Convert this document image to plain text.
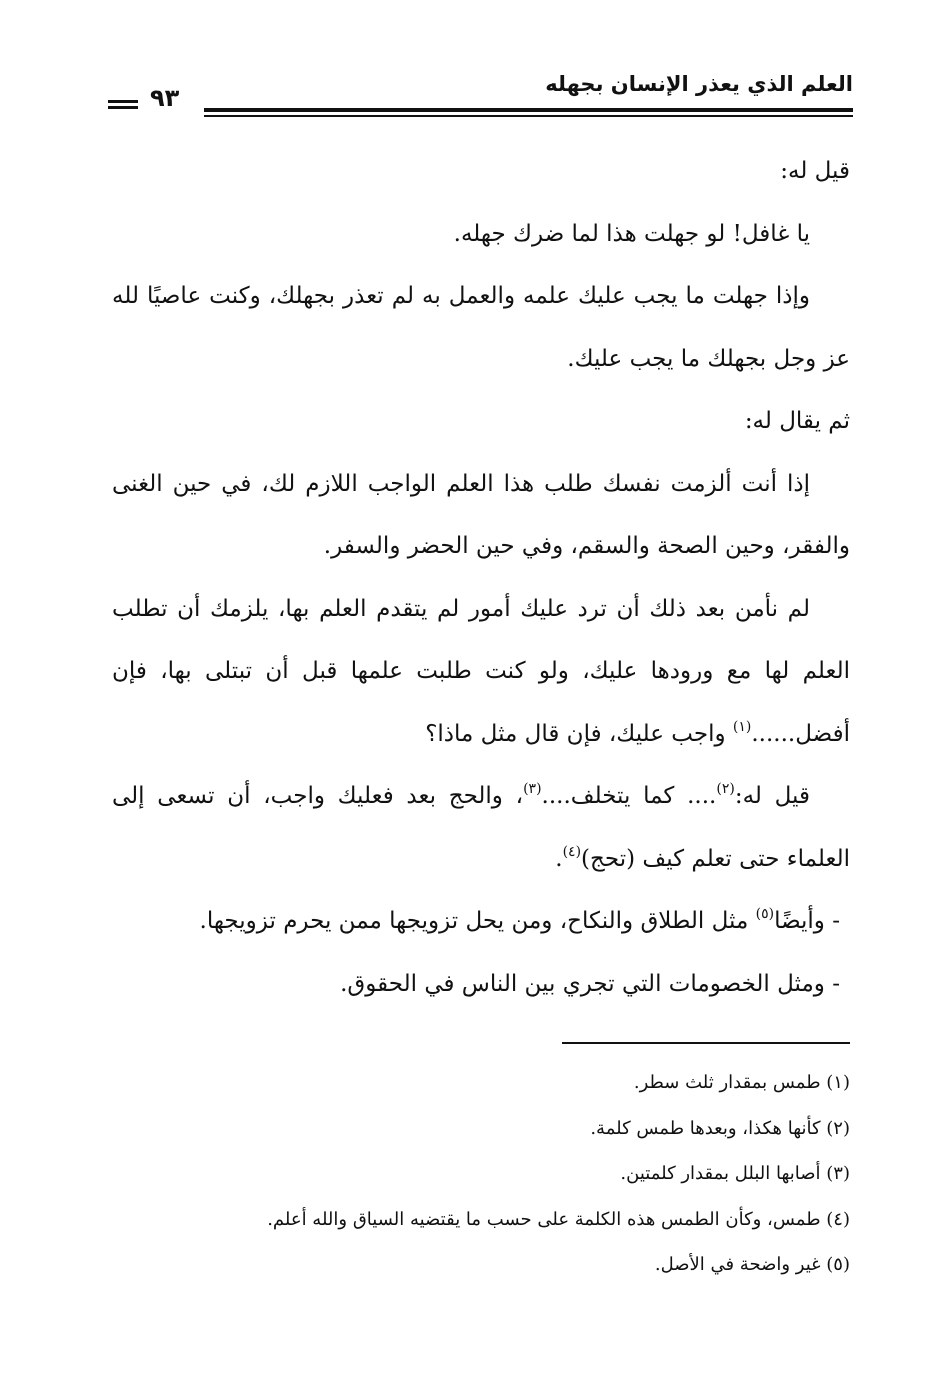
العلم الذي يعذر الإنسان بجهله
٩٣

قيل له:

يا غافل! لو جهلت هذا لما ضرك جهله.

وإذا جهلت ما يجب عليك علمه والعمل به لم تعذر بجهلك، وكنت عاصيًا لله عز وجل بجهلك ما يجب عليك.

ثم يقال له:

إذا أنت ألزمت نفسك طلب هذا العلم الواجب اللازم لك، في حين الغنى والفقر، وحين الصحة والسقم، وفي حين الحضر والسفر.

لم نأمن بعد ذلك أن ترد عليك أمور لم يتقدم العلم بها، يلزمك أن تطلب العلم لها مع ورودها عليك، ولو كنت طلبت علمها قبل أن تبتلى بها، فإن أفضل......$^{(١)}$ واجب عليك، فإن قال مثل ماذا؟

قيل له:$^{(٢)}$.... كما يتخلف....$^{(٣)}$، والحج بعد فعليك واجب، أن تسعى إلى العلماء حتى تعلم كيف (تحج)$^{(٤)}$.

- وأيضًا$^{(٥)}$ مثل الطلاق والنكاح، ومن يحل تزويجها ممن يحرم تزويجها.

- ومثل الخصومات التي تجري بين الناس في الحقوق.

(١) طمس بمقدار ثلث سطر.

(٢) كأنها هكذا، وبعدها طمس كلمة.

(٣) أصابها البلل بمقدار كلمتين.

(٤) طمس، وكأن الطمس هذه الكلمة على حسب ما يقتضيه السياق والله أعلم.

(٥) غير واضحة في الأصل.
